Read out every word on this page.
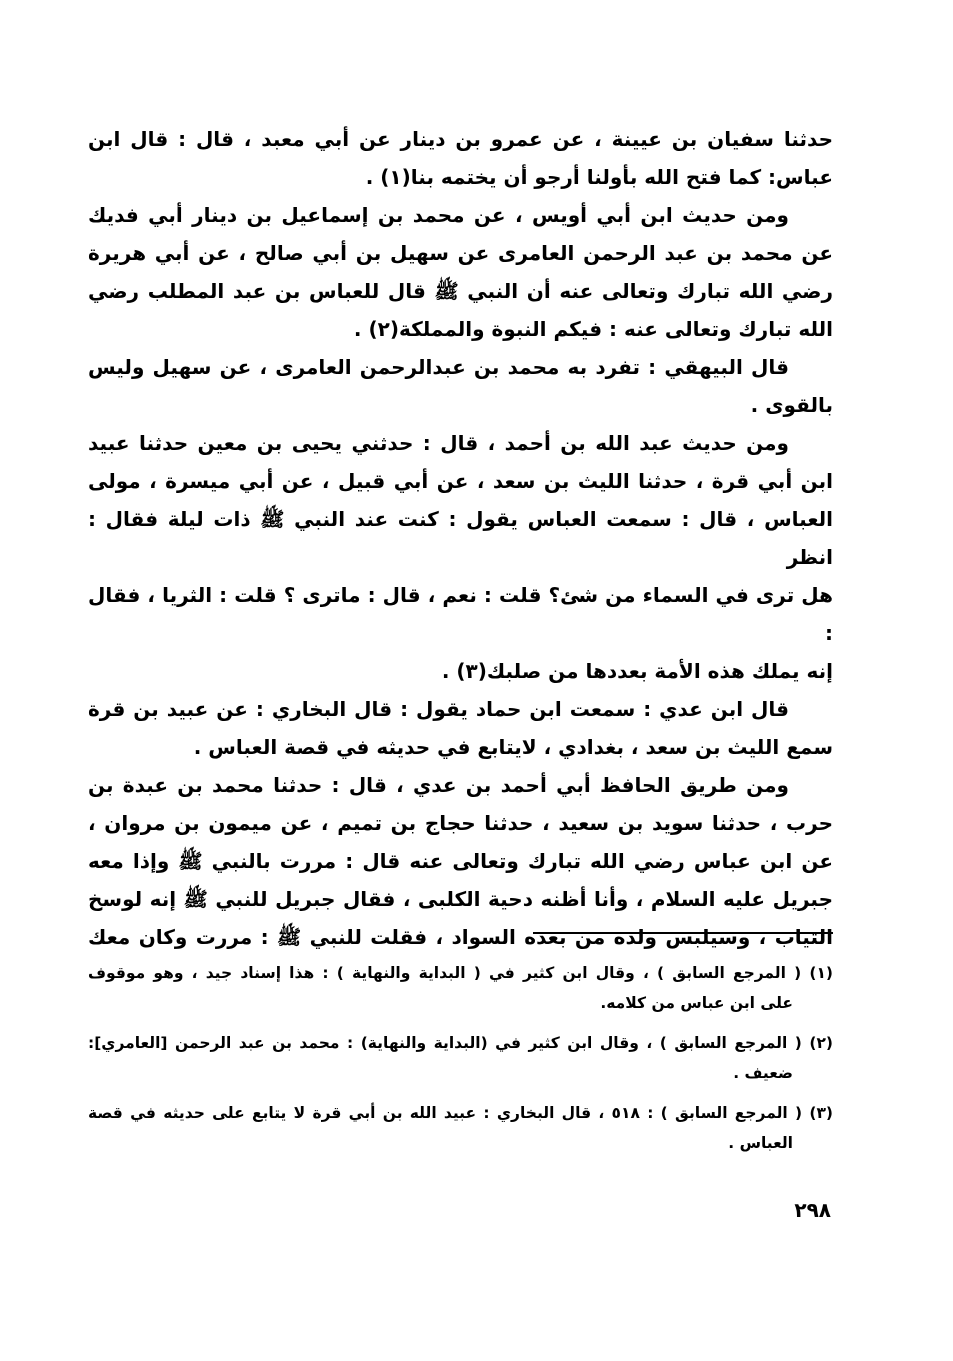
حدثنا سفيان بن عيينة ، عن عمرو بن دينار عن أبي معبد ، قال : قال ابن
عباس: كما فتح الله بأولنا أرجو أن يختمه بنا(١) .

ومن حديث ابن أبي أويس ، عن محمد بن إسماعيل بن دينار أبي فديك
عن محمد بن عبد الرحمن العامرى عن سهيل بن أبي صالح ، عن أبي هريرة
رضي الله تبارك وتعالى عنه أن النبي ﷺ قال للعباس بن عبد المطلب رضي
الله تبارك وتعالى عنه : فيكم النبوة والمملكة(٢) .

قال البيهقي : تفرد به محمد بن عبدالرحمن العامرى ، عن سهيل وليس
بالقوى .

ومن حديث عبد الله بن أحمد ، قال : حدثني يحيى بن معين حدثنا عبيد
ابن أبي قرة ، حدثنا الليث بن سعد ، عن أبي قبيل ، عن أبي ميسرة ، مولى
العباس ، قال : سمعت العباس يقول : كنت عند النبي ﷺ ذات ليلة فقال : انظر
هل ترى في السماء من شئ؟ قلت : نعم ، قال : ماترى ؟ قلت : الثريا ، فقال :
إنه يملك هذه الأمة بعددها من صلبك(٣) .

قال ابن عدي : سمعت ابن حماد يقول : قال البخاري : عن عبيد بن قرة
سمع الليث بن سعد ، بغدادي ، لايتابع في حديثه في قصة العباس .

ومن طريق الحافظ أبي أحمد بن عدي ، قال : حدثنا محمد بن عبدة بن
حرب ، حدثنا سويد بن سعيد ، حدثنا حجاج بن تميم ، عن ميمون بن مروان ،
عن ابن عباس رضي الله تبارك وتعالى عنه قال : مررت بالنبي ﷺ وإذا معه
جبريل عليه السلام ، وأنا أظنه دحية الكلبى ، فقال جبريل للنبي ﷺ إنه لوسخ
الثياب ، وسيلبس ولده من بعده السواد ، فقلت للنبي ﷺ : مررت وكان معك

(١) ( المرجع السابق ) ، وقال ابن كثير في ( البداية والنهاية ) : هذا إسناد جيد ، وهو موقوف
على ابن عباس من كلامه.

(٢) ( المرجع السابق ) ، وقال ابن كثير في (البداية والنهاية) : محمد بن عبد الرحمن [العامري]:
ضعيف .

(٣) ( المرجع السابق ) : ٥١٨ ، قال البخاري : عبيد الله بن أبي قرة لا يتابع على حديثه في قصة
العباس .

٢٩٨
